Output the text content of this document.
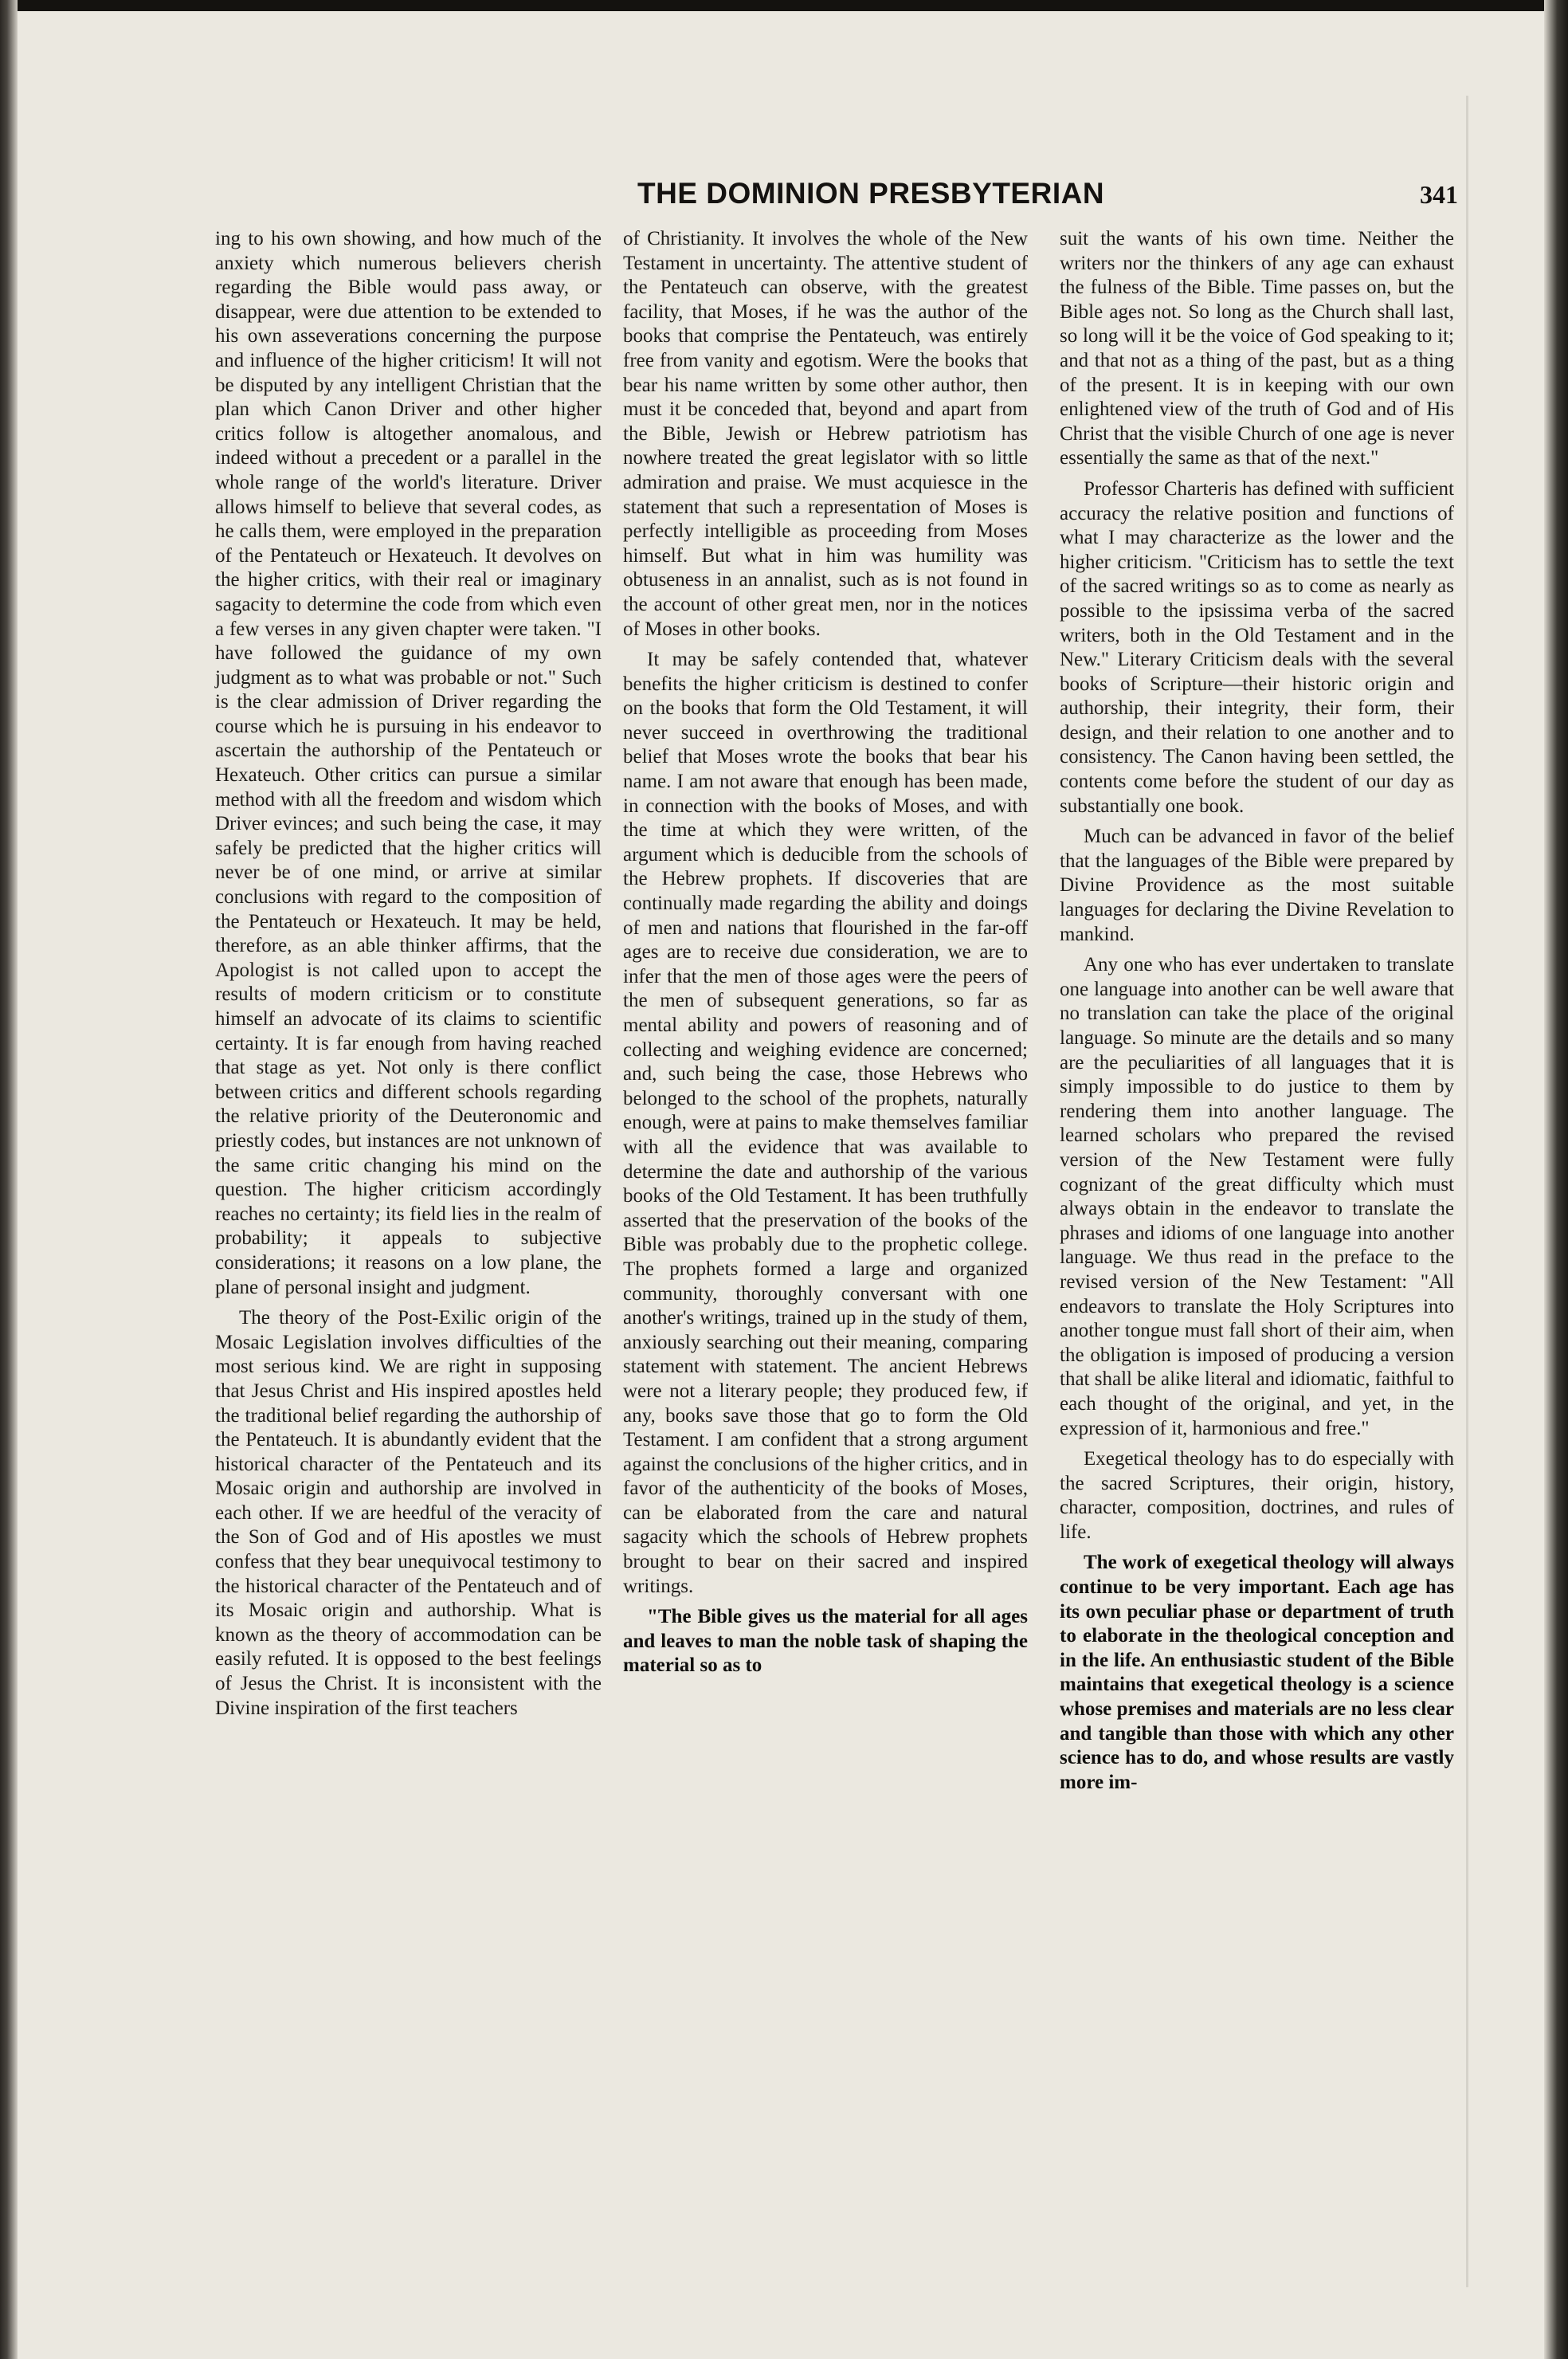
THE DOMINION PRESBYTERIAN	341

ing to his own showing, and how much of the anxiety which numerous believers cherish regarding the Bible would pass away, or disappear, were due attention to be extended to his own asseverations concerning the purpose and influence of the higher criticism! It will not be disputed by any intelligent Christian that the plan which Canon Driver and other higher critics follow is altogether anomalous, and indeed without a precedent or a parallel in the whole range of the world's literature. Driver allows himself to believe that several codes, as he calls them, were employed in the preparation of the Pentateuch or Hexateuch. It devolves on the higher critics, with their real or imaginary sagacity to determine the code from which even a few verses in any given chapter were taken. "I have followed the guidance of my own judgment as to what was probable or not." Such is the clear admission of Driver regarding the course which he is pursuing in his endeavor to ascertain the authorship of the Pentateuch or Hexateuch. Other critics can pursue a similar method with all the freedom and wisdom which Driver evinces; and such being the case, it may safely be predicted that the higher critics will never be of one mind, or arrive at similar conclusions with regard to the composition of the Pentateuch or Hexateuch. It may be held, therefore, as an able thinker affirms, that the Apologist is not called upon to accept the results of modern criticism or to constitute himself an advocate of its claims to scientific certainty. It is far enough from having reached that stage as yet. Not only is there conflict between critics and different schools regarding the relative priority of the Deuteronomic and priestly codes, but instances are not unknown of the same critic changing his mind on the question. The higher criticism accordingly reaches no certainty; its field lies in the realm of probability; it appeals to subjective considerations; it reasons on a low plane, the plane of personal insight and judgment.

The theory of the Post-Exilic origin of the Mosaic Legislation involves difficulties of the most serious kind. We are right in supposing that Jesus Christ and His inspired apostles held the traditional belief regarding the authorship of the Pentateuch. It is abundantly evident that the historical character of the Pentateuch and its Mosaic origin and authorship are involved in each other. If we are heedful of the veracity of the Son of God and of His apostles we must confess that they bear unequivocal testimony to the historical character of the Pentateuch and of its Mosaic origin and authorship. What is known as the theory of accommodation can be easily refuted. It is opposed to the best feelings of Jesus the Christ. It is inconsistent with the Divine inspiration of the first teachers

of Christianity. It involves the whole of the New Testament in uncertainty. The attentive student of the Pentateuch can observe, with the greatest facility, that Moses, if he was the author of the books that comprise the Pentateuch, was entirely free from vanity and egotism. Were the books that bear his name written by some other author, then must it be conceded that, beyond and apart from the Bible, Jewish or Hebrew patriotism has nowhere treated the great legislator with so little admiration and praise. We must acquiesce in the statement that such a representation of Moses is perfectly intelligible as proceeding from Moses himself. But what in him was humility was obtuseness in an annalist, such as is not found in the account of other great men, nor in the notices of Moses in other books.

It may be safely contended that, whatever benefits the higher criticism is destined to confer on the books that form the Old Testament, it will never succeed in overthrowing the traditional belief that Moses wrote the books that bear his name. I am not aware that enough has been made, in connection with the books of Moses, and with the time at which they were written, of the argument which is deducible from the schools of the Hebrew prophets. If discoveries that are continually made regarding the ability and doings of men and nations that flourished in the far-off ages are to receive due consideration, we are to infer that the men of those ages were the peers of the men of subsequent generations, so far as mental ability and powers of reasoning and of collecting and weighing evidence are concerned; and, such being the case, those Hebrews who belonged to the school of the prophets, naturally enough, were at pains to make themselves familiar with all the evidence that was available to determine the date and authorship of the various books of the Old Testament. It has been truthfully asserted that the preservation of the books of the Bible was probably due to the prophetic college. The prophets formed a large and organized community, thoroughly conversant with one another's writings, trained up in the study of them, anxiously searching out their meaning, comparing statement with statement. The ancient Hebrews were not a literary people; they produced few, if any, books save those that go to form the Old Testament. I am confident that a strong argument against the conclusions of the higher critics, and in favor of the authenticity of the books of Moses, can be elaborated from the care and natural sagacity which the schools of Hebrew prophets brought to bear on their sacred and inspired writings.

"The Bible gives us the material for all ages and leaves to man the noble task of shaping the material so as to

suit the wants of his own time. Neither the writers nor the thinkers of any age can exhaust the fulness of the Bible. Time passes on, but the Bible ages not. So long as the Church shall last, so long will it be the voice of God speaking to it; and that not as a thing of the past, but as a thing of the present. It is in keeping with our own enlightened view of the truth of God and of His Christ that the visible Church of one age is never essentially the same as that of the next."

Professor Charteris has defined with sufficient accuracy the relative position and functions of what I may characterize as the lower and the higher criticism. "Criticism has to settle the text of the sacred writings so as to come as nearly as possible to the ipsissima verba of the sacred writers, both in the Old Testament and in the New." Literary Criticism deals with the several books of Scripture—their historic origin and authorship, their integrity, their form, their design, and their relation to one another and to consistency. The Canon having been settled, the contents come before the student of our day as substantially one book.

Much can be advanced in favor of the belief that the languages of the Bible were prepared by Divine Providence as the most suitable languages for declaring the Divine Revelation to mankind.

Any one who has ever undertaken to translate one language into another can be well aware that no translation can take the place of the original language. So minute are the details and so many are the peculiarities of all languages that it is simply impossible to do justice to them by rendering them into another language. The learned scholars who prepared the revised version of the New Testament were fully cognizant of the great difficulty which must always obtain in the endeavor to translate the phrases and idioms of one language into another language. We thus read in the preface to the revised version of the New Testament: "All endeavors to translate the Holy Scriptures into another tongue must fall short of their aim, when the obligation is imposed of producing a version that shall be alike literal and idiomatic, faithful to each thought of the original, and yet, in the expression of it, harmonious and free."

Exegetical theology has to do especially with the sacred Scriptures, their origin, history, character, composition, doctrines, and rules of life.

The work of exegetical theology will always continue to be very important. Each age has its own peculiar phase or department of truth to elaborate in the theological conception and in the life. An enthusiastic student of the Bible maintains that exegetical theology is a science whose premises and materials are no less clear and tangible than those with which any other science has to do, and whose results are vastly more im-
